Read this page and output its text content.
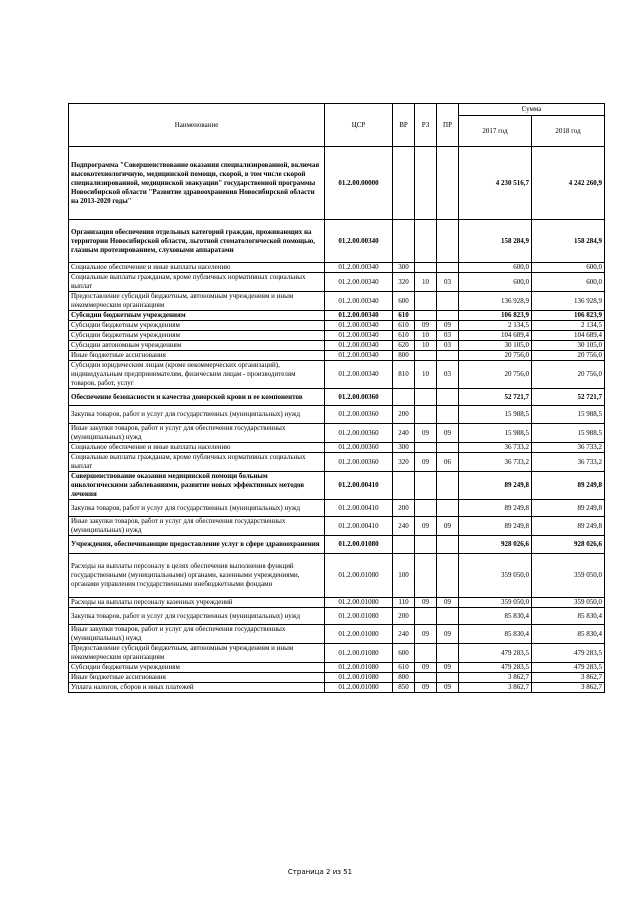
Наименование	ЦСР	ВР	РЗ	ПР	Сумма	
					2017 год	2018 год
Подпрограмма "Совершенствование оказания специализированной, включая высокотехнологичную, медицинской помощи, скорой, в том числе скорой специализированной, медицинской эвакуации" государственной программы Новосибирской области "Развитие здравоохранения Новосибирской области на 2013-2020 годы"	01.2.00.00000				4 230 516,7	4 242 260,9
Организация обеспечения отдельных категорий граждан, проживающих на территории Новосибирской области, льготной стоматологической помощью, глазным протезированием, слуховыми аппаратами	01.2.00.00340				158 284,9	158 284,9
Социальное обеспечение и иные выплаты населению	01.2.00.00340	300			600,0	600,0
Социальные выплаты гражданам, кроме публичных нормативных социальных выплат	01.2.00.00340	320	10	03	600,0	600,0
Предоставление субсидий бюджетным, автономным учреждениям и иным некоммерческим организациям	01.2.00.00340	600			136 928,9	136 928,9
Субсидии бюджетным учреждениям	01.2.00.00340	610			106 823,9	106 823,9
Субсидии бюджетным учреждениям	01.2.00.00340	610	09	09	2 134,5	2 134,5
Субсидии бюджетным учреждениям	01.2.00.00340	610	10	03	104 689,4	104 689,4
Субсидии автономным учреждениям	01.2.00.00340	620	10	03	30 105,0	30 105,0
Иные бюджетные ассигнования	01.2.00.00340	800			20 756,0	20 756,0
Субсидии юридическим лицам (кроме некоммерческих организаций), индивидуальным предпринимателям, физическим лицам - производителям товаров, работ, услуг	01.2.00.00340	810	10	03	20 756,0	20 756,0
Обеспечение безопасности и качества донорской крови и ее компонентов	01.2.00.00360				52 721,7	52 721,7
Закупка товаров, работ и услуг для государственных (муниципальных) нужд	01.2.00.00360	200			15 988,5	15 988,5
Иные закупки товаров, работ и услуг для обеспечения государственных (муниципальных) нужд	01.2.00.00360	240	09	09	15 988,5	15 988,5
Социальное обеспечение и иные выплаты населению	01.2.00.00360	300			36 733,2	36 733,2
Социальные выплаты гражданам, кроме публичных нормативных социальных выплат	01.2.00.00360	320	09	06	36 733,2	36 733,2
Совершенствование оказания медицинской помощи больным онкологическими заболеваниями, развитие новых эффективных методов лечения	01.2.00.00410				89 249,8	89 249,8
Закупка товаров, работ и услуг для государственных (муниципальных) нужд	01.2.00.00410	200			89 249,8	89 249,8
Иные закупки товаров, работ и услуг для обеспечения государственных (муниципальных) нужд	01.2.00.00410	240	09	09	89 249,8	89 249,8
Учреждения, обеспечивающие предоставление услуг в сфере здравоохранения	01.2.00.01080				928 026,6	928 026,6
Расходы на выплаты персоналу в целях обеспечения выполнения функций государственными (муниципальными) органами, казенными учреждениями, органами управления государственными внебюджетными фондами	01.2.00.01080	100			359 050,0	359 050,0
Расходы на выплаты персоналу казенных учреждений	01.2.00.01080	110	09	09	359 050,0	359 050,0
Закупка товаров, работ и услуг для государственных (муниципальных) нужд	01.2.00.01080	200			85 830,4	85 830,4
Иные закупки товаров, работ и услуг для обеспечения государственных (муниципальных) нужд	01.2.00.01080	240	09	09	85 830,4	85 830,4
Предоставление субсидий бюджетным, автономным учреждениям и иным некоммерческим организациям	01.2.00.01080	600			479 283,5	479 283,5
Субсидии бюджетным учреждениям	01.2.00.01080	610	09	09	479 283,5	479 283,5
Иные бюджетные ассигнования	01.2.00.01080	800			3 862,7	3 862,7
Уплата налогов, сборов и иных платежей	01.2.00.01080	850	09	09	3 862,7	3 862,7
Страница 2 из 51
